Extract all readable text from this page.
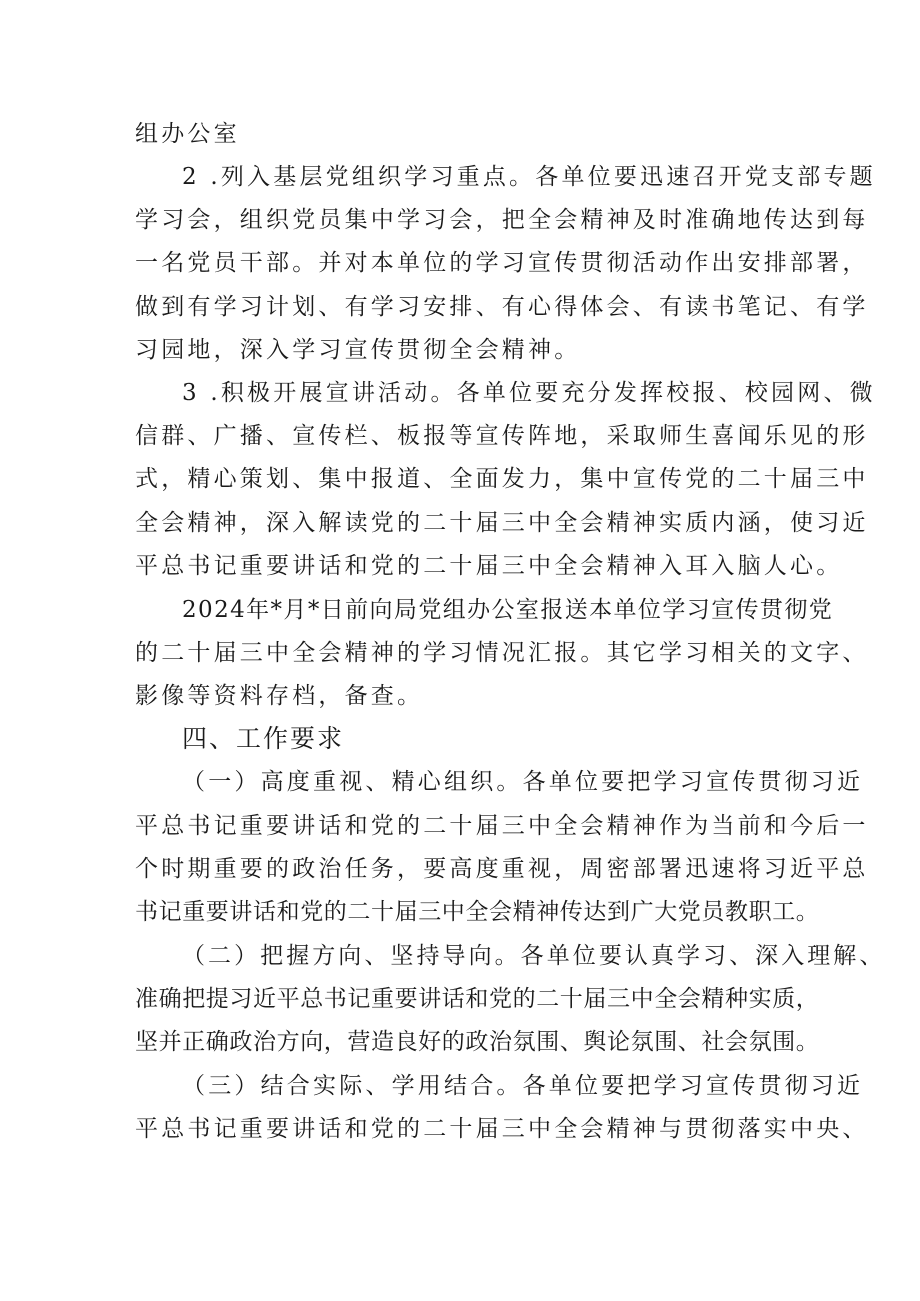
组办公室
2 .列入基层党组织学习重点。各单位要迅速召开党支部专题
学习会，组织党员集中学习会，把全会精神及时准确地传达到每
一名党员干部。并对本单位的学习宣传贯彻活动作出安排部署，
做到有学习计划、有学习安排、有心得体会、有读书笔记、有学
习园地，深入学习宣传贯彻全会精神。
3 .积极开展宣讲活动。各单位要充分发挥校报、校园网、微
信群、广播、宣传栏、板报等宣传阵地，采取师生喜闻乐见的形
式，精心策划、集中报道、全面发力，集中宣传党的二十届三中
全会精神，深入解读党的二十届三中全会精神实质内涵，使习近
平总书记重要讲话和党的二十届三中全会精神入耳入脑人心。
2024年*月*日前向局党组办公室报送本单位学习宣传贯彻党
的二十届三中全会精神的学习情况汇报。其它学习相关的文字、
影像等资料存档，备查。
四、工作要求
（一）高度重视、精心组织。各单位要把学习宣传贯彻习近
平总书记重要讲话和党的二十届三中全会精神作为当前和今后一
个时期重要的政治任务，要高度重视，周密部署迅速将习近平总
书记重要讲话和党的二十届三中全会精神传达到广大党员教职工。
（二）把握方向、坚持导向。各单位要认真学习、深入理解、
准确把提习近平总书记重要讲话和党的二十届三中全会精种实质，
坚并正确政治方向，营造良好的政治氛围、舆论氛围、社会氛围。
（三）结合实际、学用结合。各单位要把学习宣传贯彻习近
平总书记重要讲话和党的二十届三中全会精神与贯彻落实中央、
